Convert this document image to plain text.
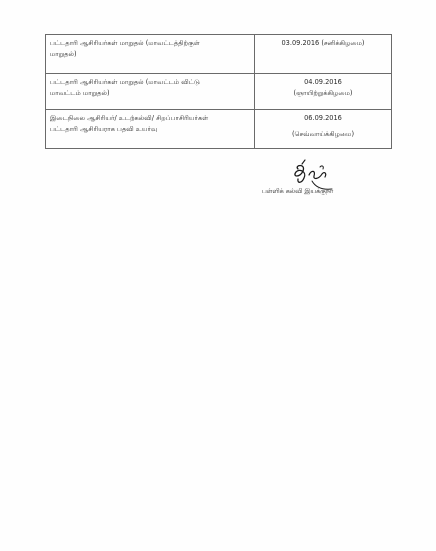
பட்டதாரி ஆசிரியர்கள் மாறுதல் (மாவட்டத்திற்குள்
மாறுதல்)	03.09.2016 (சனிக்கிழமை)

பட்டதாரி ஆசிரியர்கள் மாறுதல் (மாவட்டம் விட்டு
மாவட்டம் மாறுதல்)	04.09.2016
(ஞாயிற்றுக்கிழமை)

இடைநிலை ஆசிரியர்/ உடற்கல்வி/ சிறப்பாசிரியர்கள்
பட்டதாரி ஆசிரியராக பதவி உயர்வு	06.09.2016
(செவ்வாய்க்கிழமை)
பள்ளிக் கல்வி இயக்குநர்
